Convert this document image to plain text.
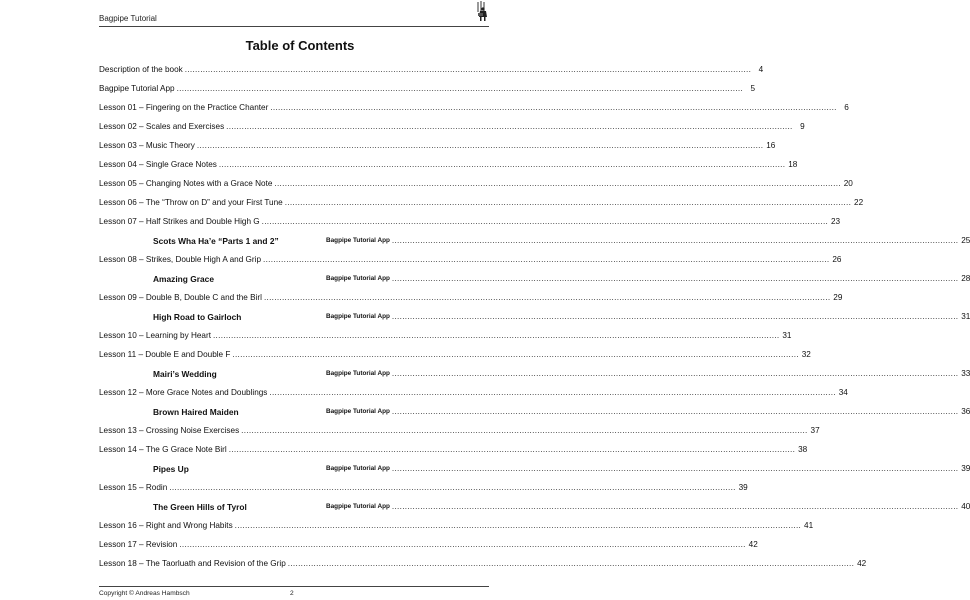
Bagpipe Tutorial
Table of Contents
Description of the book ............................................................................................................................................................................................................................ 4
Bagpipe Tutorial App ............................................................................................................................................................................................................................ 5
Lesson 01 – Fingering on the Practice Chanter ............................................................................................................................................................................................................................ 6
Lesson 02 – Scales and Exercises ............................................................................................................................................................................................................................ 9
Lesson 03 – Music Theory ............................................................................................................................................................................................................................ 16
Lesson 04 – Single Grace Notes ............................................................................................................................................................................................................................ 18
Lesson 05 – Changing Notes with a Grace Note ............................................................................................................................................................................................................................ 20
Lesson 06 – The “Throw on D” and your First Tune ............................................................................................................................................................................................................................ 22
Lesson 07 – Half Strikes and Double High G ............................................................................................................................................................................................................................ 23
Scots Wha Ha’e “Parts 1 and 2”	Bagpipe Tutorial App ............................................................................................................................................................................................................................ 25
Lesson 08 – Strikes, Double High A and Grip ............................................................................................................................................................................................................................ 26
Amazing Grace	Bagpipe Tutorial App ............................................................................................................................................................................................................................ 28
Lesson 09 – Double B, Double C and the Birl ............................................................................................................................................................................................................................ 29
High Road to Gairloch	Bagpipe Tutorial App ............................................................................................................................................................................................................................ 31
Lesson 10 – Learning by Heart ............................................................................................................................................................................................................................ 31
Lesson 11 – Double E and Double F ............................................................................................................................................................................................................................ 32
Mairi’s Wedding	Bagpipe Tutorial App ............................................................................................................................................................................................................................ 33
Lesson 12 – More Grace Notes and Doublings ............................................................................................................................................................................................................................ 34
Brown Haired Maiden	Bagpipe Tutorial App ............................................................................................................................................................................................................................ 36
Lesson 13 – Crossing Noise Exercises ............................................................................................................................................................................................................................ 37
Lesson 14 – The G Grace Note Birl ............................................................................................................................................................................................................................ 38
Pipes Up	Bagpipe Tutorial App ............................................................................................................................................................................................................................ 39
Lesson 15 – Rodin ............................................................................................................................................................................................................................ 39
The Green Hills of Tyrol	Bagpipe Tutorial App ............................................................................................................................................................................................................................ 40
Lesson 16 – Right and Wrong Habits ............................................................................................................................................................................................................................ 41
Lesson 17 – Revision ............................................................................................................................................................................................................................ 42
Lesson 18 – The Taorluath and Revision of the Grip ............................................................................................................................................................................................................................ 42
Copyright © Andreas Hambsch	2
